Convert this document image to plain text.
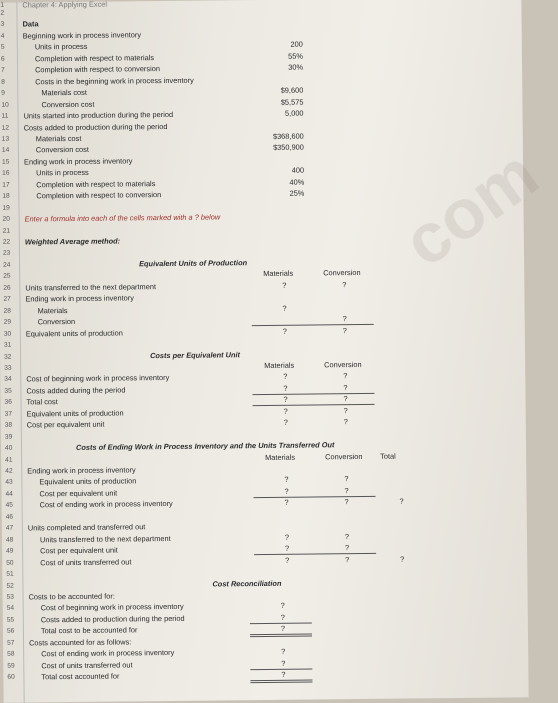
com
1	Chapter 4: Applying Excel
2
3	Data
4	Beginning work in process inventory
5	Units in process	200
6	Completion with respect to materials	55%
7	Completion with respect to conversion	30%
8	Costs in the beginning work in process inventory
9	Materials cost	$9,600
10	Conversion cost	$5,575
11	Units started into production during the period	5,000
12	Costs added to production during the period
13	Materials cost	$368,600
14	Conversion cost	$350,900
15	Ending work in process inventory
16	Units in process	400
17	Completion with respect to materials	40%
18	Completion with respect to conversion	25%
19
20	Enter a formula into each of the cells marked with a ? below
21
22	Weighted Average method:
23
24	Equivalent Units of Production
25	Materials	Conversion
26	Units transferred to the next department	?	?
27	Ending work in process inventory
28	Materials	?
29	Conversion	?
30	Equivalent units of production	?	?
31
32	Costs per Equivalent Unit
33	Materials	Conversion
34	Cost of beginning work in process inventory	?	?
35	Costs added during the period	?	?
36	Total cost	?	?
37	Equivalent units of production	?	?
38	Cost per equivalent unit	?	?
39
40	Costs of Ending Work in Process Inventory and the Units Transferred Out
41	Materials	Conversion Total
42	Ending work in process inventory
43	Equivalent units of production	?	?
44	Cost per equivalent unit	?	?
45	Cost of ending work in process inventory	?	?	?
46
47	Units completed and transferred out
48	Units transferred to the next department	?	?
49	Cost per equivalent unit	?	?
50	Cost of units transferred out	?	?	?
51
52	Cost Reconciliation
53	Costs to be accounted for:
54	Cost of beginning work in process inventory	?
55	Costs added to production during the period	?
56	Total cost to be accounted for	?
57	Costs accounted for as follows:
58	Cost of ending work in process inventory	?
59	Cost of units transferred out	?
60	Total cost accounted for	?
